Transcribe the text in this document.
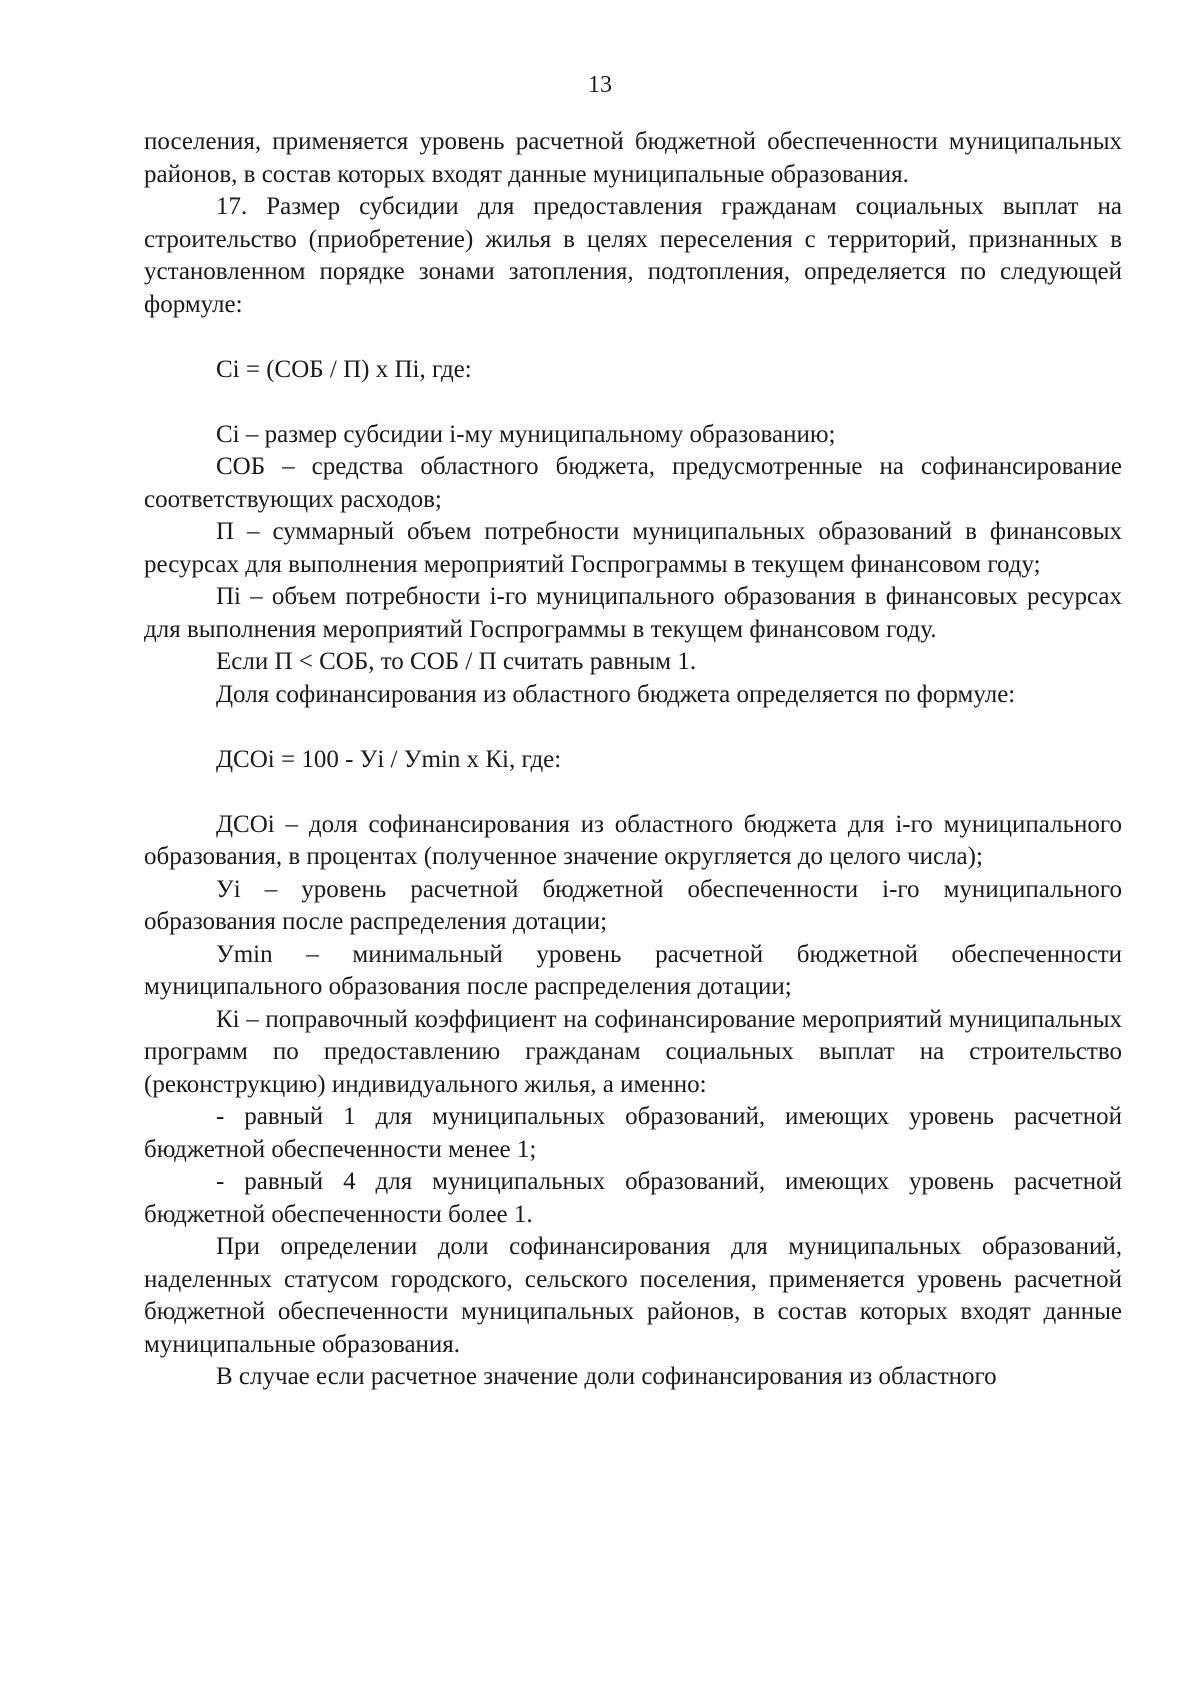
13

поселения, применяется уровень расчетной бюджетной обеспеченности муниципальных районов, в состав которых входят данные муниципальные образования.

17. Размер субсидии для предоставления гражданам социальных выплат на строительство (приобретение) жилья в целях переселения с территорий, признанных в установленном порядке зонами затопления, подтопления, определяется по следующей формуле:

Ci = (СОБ / П) x Пi, где:

Ci – размер субсидии i-му муниципальному образованию;

СОБ – средства областного бюджета, предусмотренные на софинансирование соответствующих расходов;

П – суммарный объем потребности муниципальных образований в финансовых ресурсах для выполнения мероприятий Госпрограммы в текущем финансовом году;

Пi – объем потребности i-го муниципального образования в финансовых ресурсах для выполнения мероприятий Госпрограммы в текущем финансовом году.

Если П < СОБ, то СОБ / П считать равным 1.

Доля софинансирования из областного бюджета определяется по формуле:

ДСОi = 100 - Уi / Уmin x Кi, где:

ДСОi – доля софинансирования из областного бюджета для i-го муниципального образования, в процентах (полученное значение округляется до целого числа);

Уi – уровень расчетной бюджетной обеспеченности i-го муниципального образования после распределения дотации;

Уmin – минимальный уровень расчетной бюджетной обеспеченности муниципального образования после распределения дотации;

Кi – поправочный коэффициент на софинансирование мероприятий муниципальных программ по предоставлению гражданам социальных выплат на строительство (реконструкцию) индивидуального жилья, а именно:

- равный 1 для муниципальных образований, имеющих уровень расчетной бюджетной обеспеченности менее 1;

- равный 4 для муниципальных образований, имеющих уровень расчетной бюджетной обеспеченности более 1.

При определении доли софинансирования для муниципальных образований, наделенных статусом городского, сельского поселения, применяется уровень расчетной бюджетной обеспеченности муниципальных районов, в состав которых входят данные муниципальные образования.

В случае если расчетное значение доли софинансирования из областного
